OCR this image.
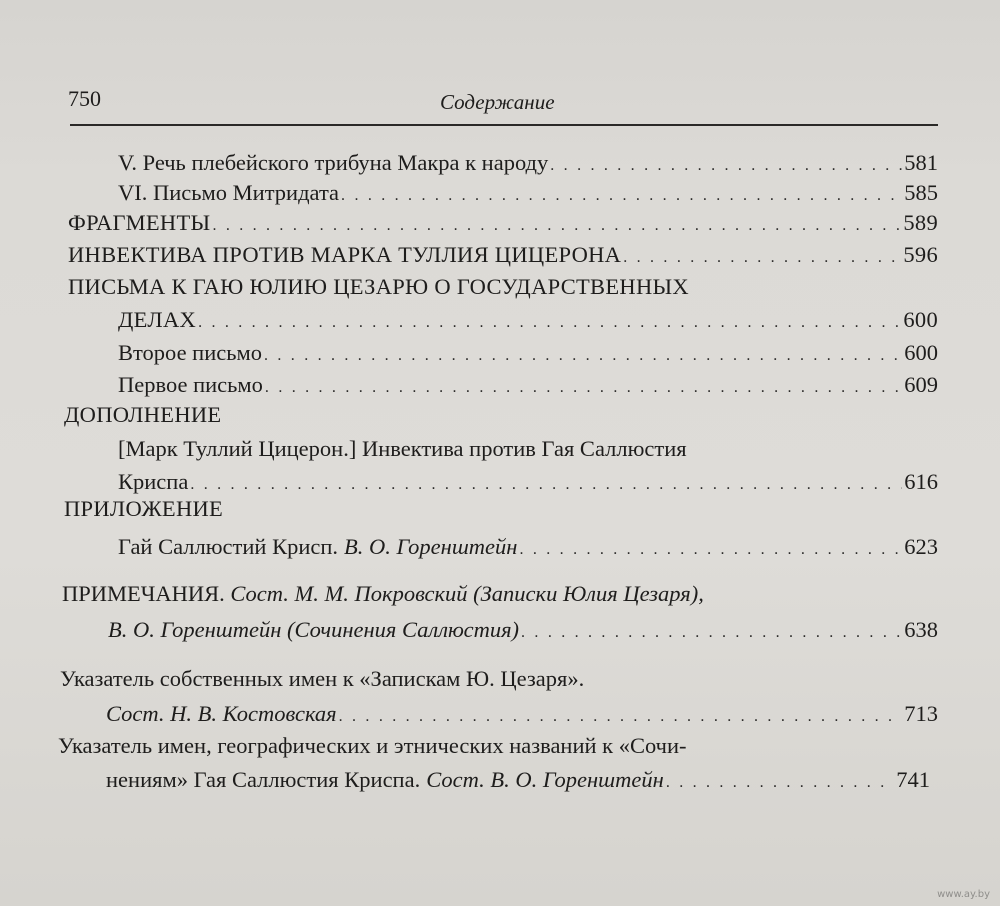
750	Содержание
V. Речь плебейского трибуна Макра к народу . . .	581
VI. Письмо Митридата . . .	585
ФРАГМЕНТЫ . . .	589
ИНВЕКТИВА ПРОТИВ МАРКА ТУЛЛИЯ ЦИЦЕРОНА . . .	596
ПИСЬМА К ГАЮ ЮЛИЮ ЦЕЗАРЮ О ГОСУДАРСТВЕННЫХ
ДЕЛАХ . . .	600
Второе письмо . . .	600
Первое письмо . . .	609
ДОПОЛНЕНИЕ
[Марк Туллий Цицерон.] Инвектива против Гая Саллюстия
Криспа . . .	616
ПРИЛОЖЕНИЕ
Гай Саллюстий Крисп. В. О. Горенштейн . . .	623
ПРИМЕЧАНИЯ. Сост. М. М. Покровский (Записки Юлия Цезаря),
В. О. Горенштейн (Сочинения Саллюстия) . . .	638
Указатель собственных имен к «Запискам Ю. Цезаря».
Сост. Н. В. Костовская . . .	713
Указатель имен, географических и этнических названий к «Сочи-
нениям» Гая Саллюстия Криспа. Сост. В. О. Горенштейн . . .	741
www.ay.by
